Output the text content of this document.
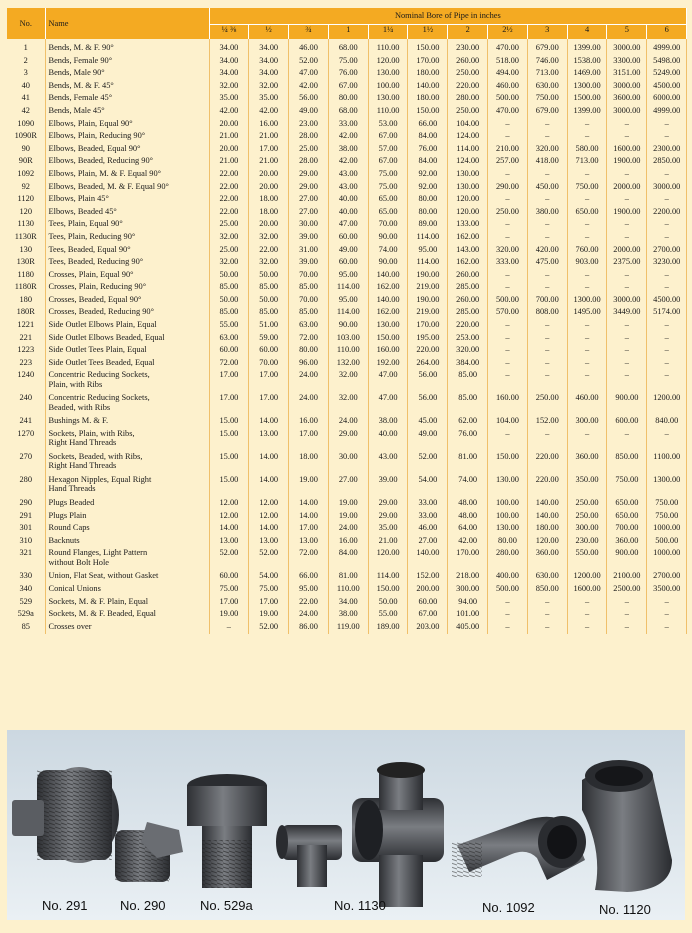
No.	Name	Nominal Bore of Pipe in inches											
		¼ ⅜	½	¾	1	1¼	1½	2	2½	3	4	5	6
1	Bends, M. & F. 90°	34.00	34.00	46.00	68.00	110.00	150.00	230.00	470.00	679.00	1399.00	3000.00	4999.00
2	Bends, Female 90°	34.00	34.00	52.00	75.00	120.00	170.00	260.00	518.00	746.00	1538.00	3300.00	5498.00
3	Bends, Male 90°	34.00	34.00	47.00	76.00	130.00	180.00	250.00	494.00	713.00	1469.00	3151.00	5249.00
40	Bends, M. & F. 45°	32.00	32.00	42.00	67.00	100.00	140.00	220.00	460.00	630.00	1300.00	3000.00	4500.00
41	Bends, Female 45°	35.00	35.00	56.00	80.00	130.00	180.00	280.00	500.00	750.00	1500.00	3600.00	6000.00
42	Bends, Male 45°	42.00	42.00	49.00	68.00	110.00	150.00	250.00	470.00	679.00	1399.00	3000.00	4999.00
1090	Elbows, Plain, Equal 90°	20.00	16.00	23.00	33.00	53.00	66.00	104.00	–	–	–	–	–
1090R	Elbows, Plain, Reducing 90°	21.00	21.00	28.00	42.00	67.00	84.00	124.00	–	–	–	–	–
90	Elbows, Beaded, Equal 90°	20.00	17.00	25.00	38.00	57.00	76.00	114.00	210.00	320.00	580.00	1600.00	2300.00
90R	Elbows, Beaded, Reducing 90°	21.00	21.00	28.00	42.00	67.00	84.00	124.00	257.00	418.00	713.00	1900.00	2850.00
1092	Elbows, Plain, M. & F. Equal 90°	22.00	20.00	29.00	43.00	75.00	92.00	130.00	–	–	–	–	–
92	Elbows, Beaded, M. & F. Equal 90°	22.00	20.00	29.00	43.00	75.00	92.00	130.00	290.00	450.00	750.00	2000.00	3000.00
1120	Elbows, Plain 45°	22.00	18.00	27.00	40.00	65.00	80.00	120.00	–	–	–	–	–
120	Elbows, Beaded 45°	22.00	18.00	27.00	40.00	65.00	80.00	120.00	250.00	380.00	650.00	1900.00	2200.00
1130	Tees, Plain, Equal 90°	25.00	20.00	30.00	47.00	70.00	89.00	133.00	–	–	–	–	–
1130R	Tees, Plain, Reducing 90°	32.00	32.00	39.00	60.00	90.00	114.00	162.00	–	–	–	–	–
130	Tees, Beaded, Equal 90°	25.00	22.00	31.00	49.00	74.00	95.00	143.00	320.00	420.00	760.00	2000.00	2700.00
130R	Tees, Beaded, Reducing 90°	32.00	32.00	39.00	60.00	90.00	114.00	162.00	333.00	475.00	903.00	2375.00	3230.00
1180	Crosses, Plain, Equal 90°	50.00	50.00	70.00	95.00	140.00	190.00	260.00	–	–	–	–	–
1180R	Crosses, Plain, Reducing 90°	85.00	85.00	85.00	114.00	162.00	219.00	285.00	–	–	–	–	–
180	Crosses, Beaded, Equal 90°	50.00	50.00	70.00	95.00	140.00	190.00	260.00	500.00	700.00	1300.00	3000.00	4500.00
180R	Crosses, Beaded, Reducing 90°	85.00	85.00	85.00	114.00	162.00	219.00	285.00	570.00	808.00	1495.00	3449.00	5174.00
1221	Side Outlet Elbows Plain, Equal	55.00	51.00	63.00	90.00	130.00	170.00	220.00	–	–	–	–	–
221	Side Outlet Elbows Beaded, Equal	63.00	59.00	72.00	103.00	150.00	195.00	253.00	–	–	–	–	–
1223	Side Outlet Tees Plain, Equal	60.00	60.00	80.00	110.00	160.00	220.00	320.00	–	–	–	–	–
223	Side Outlet Tees Beaded, Equal	72.00	70.00	96.00	132.00	192.00	264.00	384.00	–	–	–	–	–
1240	Concentric Reducing Sockets,
Plain, with Ribs	17.00	17.00	24.00	32.00	47.00	56.00	85.00	–	–	–	–	–
240	Concentric Reducing Sockets,
Beaded, with Ribs	17.00	17.00	24.00	32.00	47.00	56.00	85.00	160.00	250.00	460.00	900.00	1200.00
241	Bushings M. & F.	15.00	14.00	16.00	24.00	38.00	45.00	62.00	104.00	152.00	300.00	600.00	840.00
1270	Sockets, Plain, with Ribs,
Right Hand Threads	15.00	13.00	17.00	29.00	40.00	49.00	76.00	–	–	–	–	–
270	Sockets, Beaded, with Ribs,
Right Hand Threads	15.00	14.00	18.00	30.00	43.00	52.00	81.00	150.00	220.00	360.00	850.00	1100.00
280	Hexagon Nipples, Equal Right
Hand Threads	15.00	14.00	19.00	27.00	39.00	54.00	74.00	130.00	220.00	350.00	750.00	1300.00
290	Plugs Beaded	12.00	12.00	14.00	19.00	29.00	33.00	48.00	100.00	140.00	250.00	650.00	750.00
291	Plugs Plain	12.00	12.00	14.00	19.00	29.00	33.00	48.00	100.00	140.00	250.00	650.00	750.00
301	Round Caps	14.00	14.00	17.00	24.00	35.00	46.00	64.00	130.00	180.00	300.00	700.00	1000.00
310	Backnuts	13.00	13.00	13.00	16.00	21.00	27.00	42.00	80.00	120.00	230.00	360.00	500.00
321	Round Flanges, Light Pattern
without Bolt Hole	52.00	52.00	72.00	84.00	120.00	140.00	170.00	280.00	360.00	550.00	900.00	1000.00
330	Union, Flat Seat, without Gasket	60.00	54.00	66.00	81.00	114.00	152.00	218.00	400.00	630.00	1200.00	2100.00	2700.00
340	Conical Unions	75.00	75.00	95.00	110.00	150.00	200.00	300.00	500.00	850.00	1600.00	2500.00	3500.00
529	Sockets, M. & F. Plain, Equal	17.00	17.00	22.00	34.00	50.00	60.00	94.00	–	–	–	–	–
529a	Sockets, M. & F. Beaded, Equal	19.00	19.00	24.00	38.00	55.00	67.00	101.00	–	–	–	–	–
85	Crosses over	–	52.00	86.00	119.00	189.00	203.00	405.00	–	–	–	–	–
No. 291 No. 290	No. 529a	No. 1130	No. 1092	No. 1120
